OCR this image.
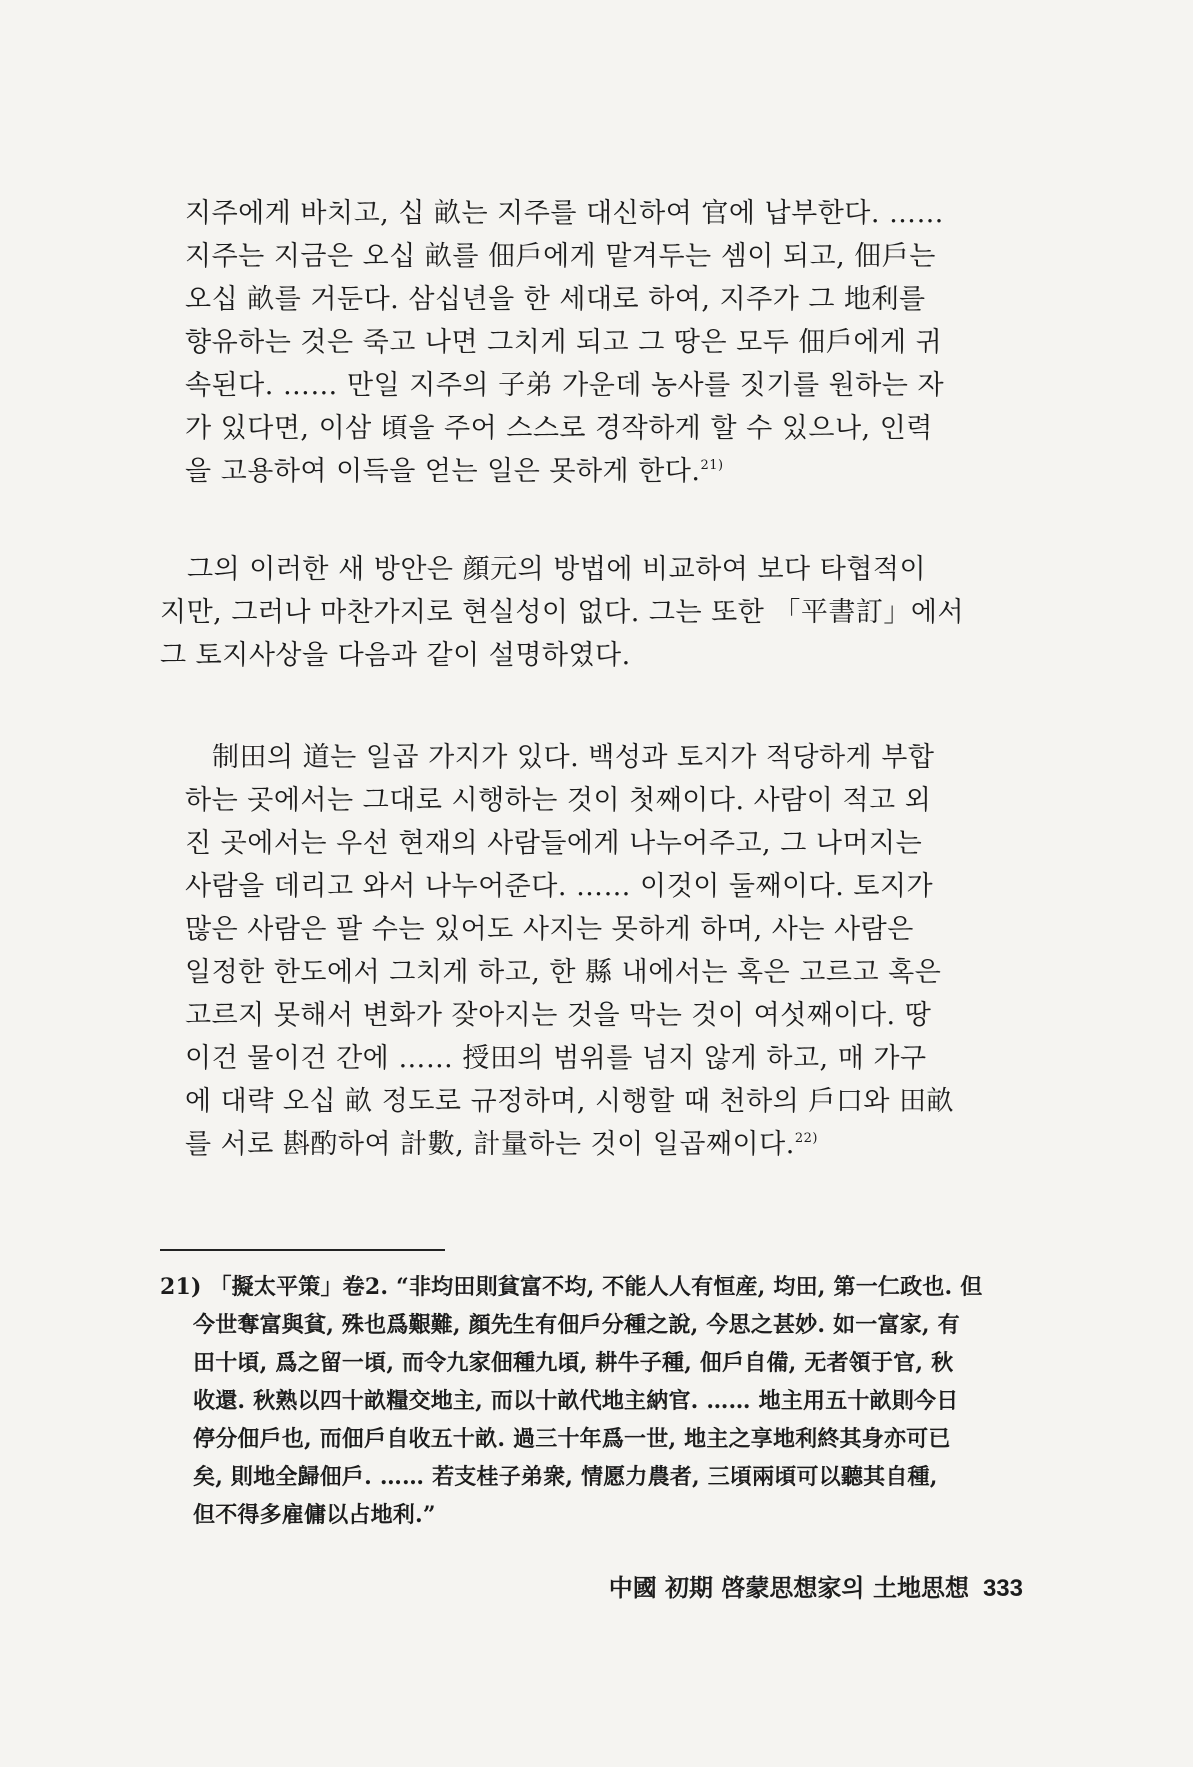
지주에게 바치고, 십 畝는 지주를 대신하여 官에 납부한다. ……
지주는 지금은 오십 畝를 佃戶에게 맡겨두는 셈이 되고, 佃戶는
오십 畝를 거둔다. 삼십년을 한 세대로 하여, 지주가 그 地利를
향유하는 것은 죽고 나면 그치게 되고 그 땅은 모두 佃戶에게 귀
속된다. …… 만일 지주의 子弟 가운데 농사를 짓기를 원하는 자
가 있다면, 이삼 頃을 주어 스스로 경작하게 할 수 있으나, 인력
을 고용하여 이득을 얻는 일은 못하게 한다.$^{21)}$
그의 이러한 새 방안은 顔元의 방법에 비교하여 보다 타협적이
지만, 그러나 마찬가지로 현실성이 없다. 그는 또한 「平書訂」에서
그 토지사상을 다음과 같이 설명하였다.
制田의 道는 일곱 가지가 있다. 백성과 토지가 적당하게 부합
하는 곳에서는 그대로 시행하는 것이 첫째이다. 사람이 적고 외
진 곳에서는 우선 현재의 사람들에게 나누어주고, 그 나머지는
사람을 데리고 와서 나누어준다. …… 이것이 둘째이다. 토지가
많은 사람은 팔 수는 있어도 사지는 못하게 하며, 사는 사람은
일정한 한도에서 그치게 하고, 한 縣 내에서는 혹은 고르고 혹은
고르지 못해서 변화가 잦아지는 것을 막는 것이 여섯째이다. 땅
이건 물이건 간에 …… 授田의 범위를 넘지 않게 하고, 매 가구
에 대략 오십 畝 정도로 규정하며, 시행할 때 천하의 戶口와 田畝
를 서로 斟酌하여 計數, 計量하는 것이 일곱째이다.$^{22)}$
21) 「擬太平策」卷2. “非均田則貧富不均, 不能人人有恒産, 均田, 第一仁政也. 但
今世奪富與貧, 殊也爲艱難, 顔先生有佃戶分種之說, 今思之甚妙. 如一富家, 有
田十頃, 爲之留一頃, 而令九家佃種九頃, 耕牛子種, 佃戶自備, 无者領于官, 秋
收還. 秋熟以四十畝糧交地主, 而以十畝代地主納官. …… 地主用五十畝則今日
停分佃戶也, 而佃戶自收五十畝. 過三十年爲一世, 地主之享地利終其身亦可已
矣, 則地全歸佃戶. …… 若支桂子弟衆, 情愿力農者, 三頃兩頃可以聽其自種,
但不得多雇傭以占地利.”
中國 初期 啓蒙思想家의 土地思想 333
